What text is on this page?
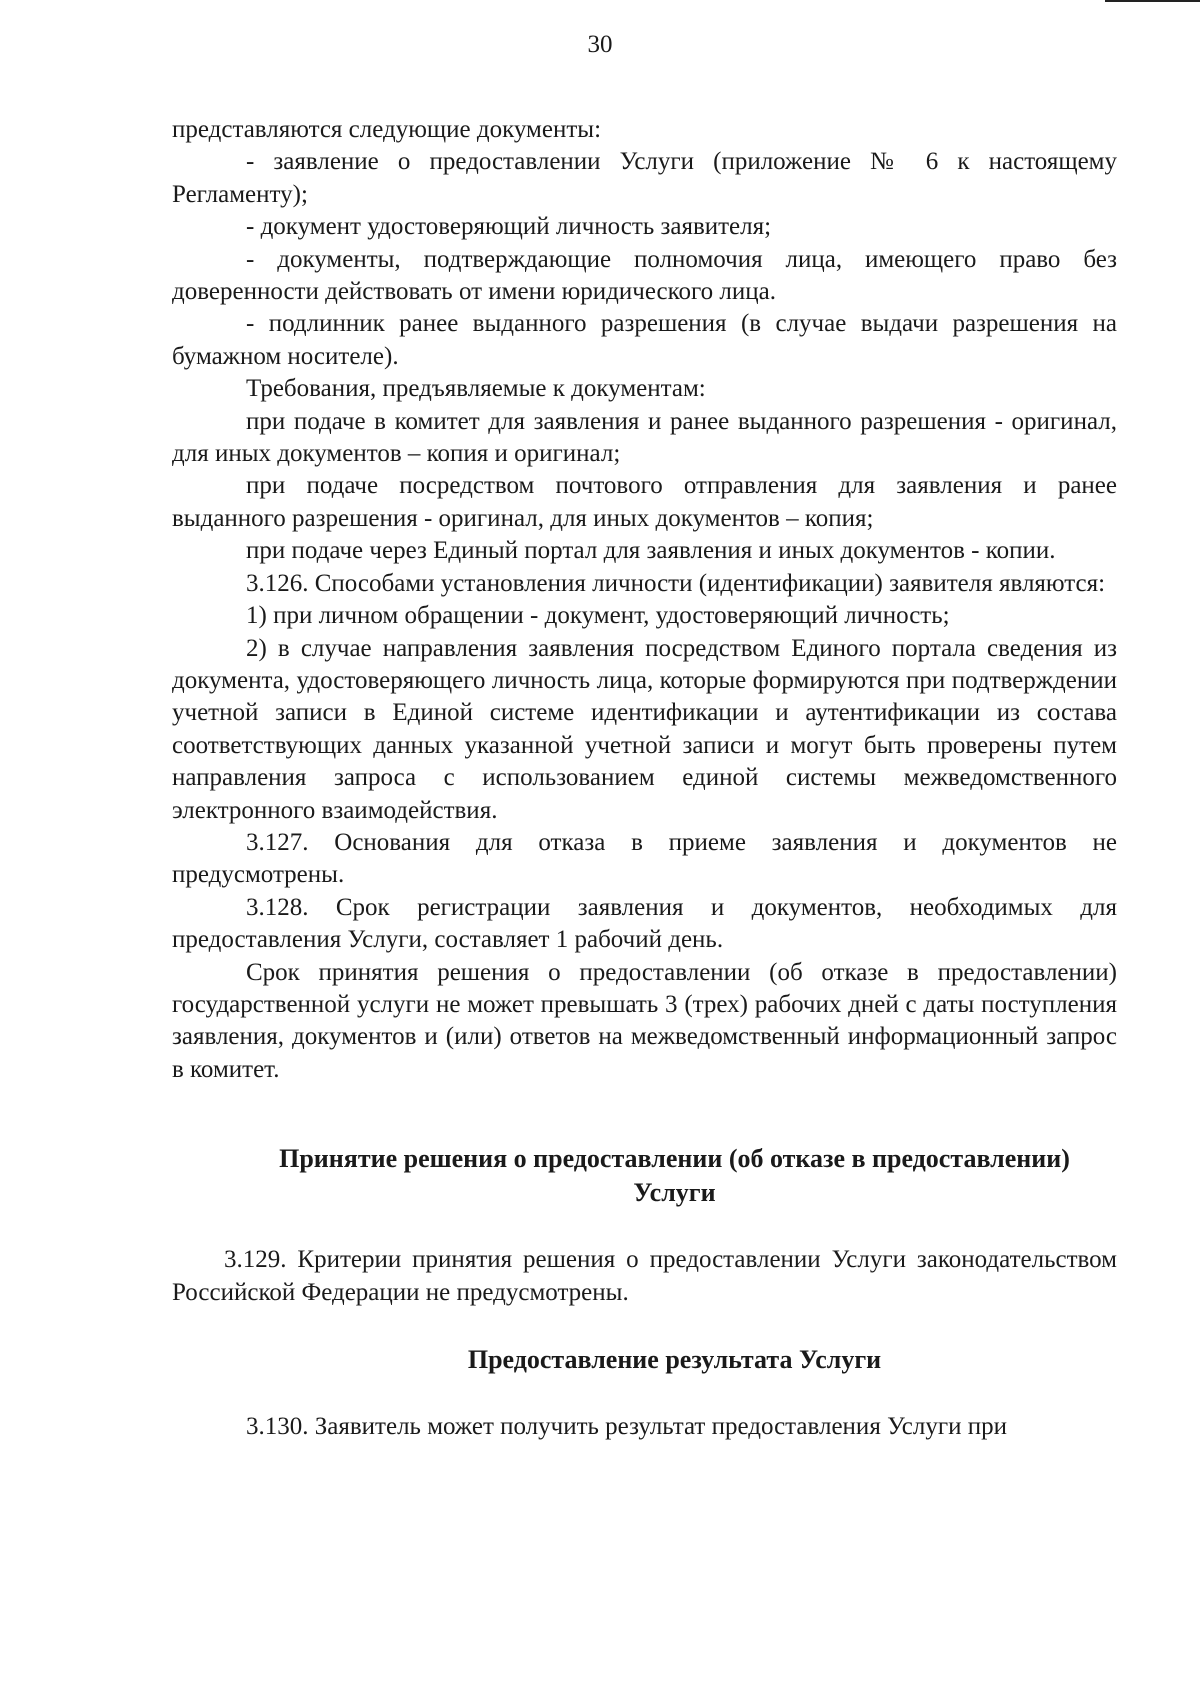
30

представляются следующие документы:

- заявление о предоставлении Услуги (приложение № 6 к настоящему Регламенту);

- документ удостоверяющий личность заявителя;

- документы, подтверждающие полномочия лица, имеющего право без доверенности действовать от имени юридического лица.

- подлинник ранее выданного разрешения (в случае выдачи разрешения на бумажном носителе).

Требования, предъявляемые к документам:

при подаче в комитет для заявления и ранее выданного разрешения - оригинал, для иных документов – копия и оригинал;

при подаче посредством почтового отправления для заявления и ранее выданного разрешения - оригинал, для иных документов – копия;

при подаче через Единый портал для заявления и иных документов - копии.

3.126. Способами установления личности (идентификации) заявителя являются:

1) при личном обращении - документ, удостоверяющий личность;

2) в случае направления заявления посредством Единого портала сведения из документа, удостоверяющего личность лица, которые формируются при подтверждении учетной записи в Единой системе идентификации и аутентификации из состава соответствующих данных указанной учетной записи и могут быть проверены путем направления запроса с использованием единой системы межведомственного электронного взаимодействия.

3.127. Основания для отказа в приеме заявления и документов не предусмотрены.

3.128. Срок регистрации заявления и документов, необходимых для предоставления Услуги, составляет 1 рабочий день.

Срок принятия решения о предоставлении (об отказе в предоставлении) государственной услуги не может превышать 3 (трех) рабочих дней с даты поступления заявления, документов и (или) ответов на межведомственный информационный запрос в комитет.

Принятие решения о предоставлении (об отказе в предоставлении)

Услуги

3.129. Критерии принятия решения о предоставлении Услуги законодательством Российской Федерации не предусмотрены.

Предоставление результата Услуги

3.130. Заявитель может получить результат предоставления Услуги при
